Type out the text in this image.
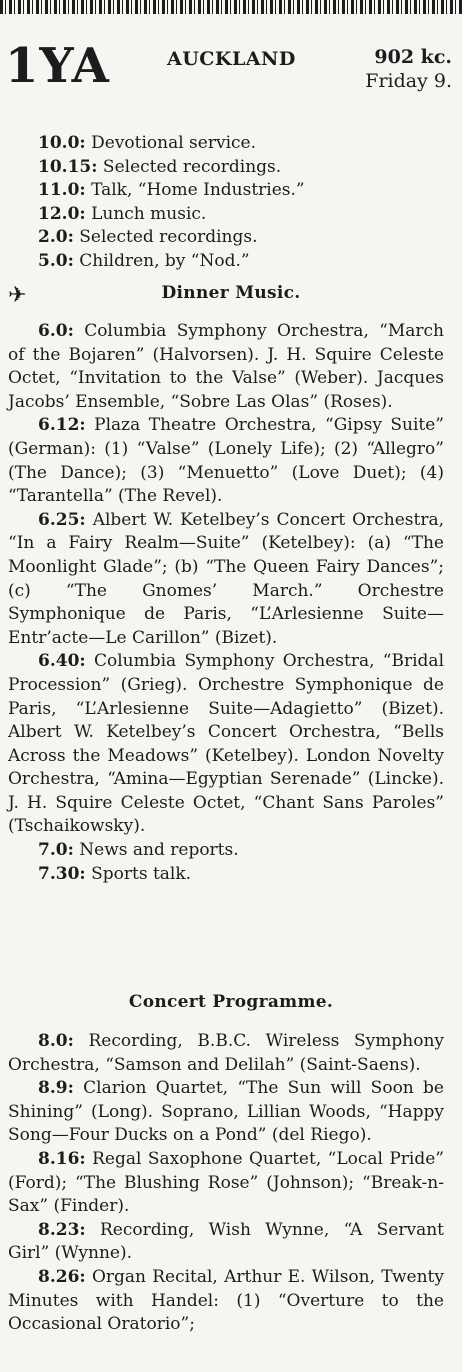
1YA	AUCKLAND	902 kc.
Friday 9.
10.0: Devotional service.
10.15: Selected recordings.
11.0: Talk, “Home Industries.”
12.0: Lunch music.
2.0: Selected recordings.
5.0: Children, by “Nod.”
✈	Dinner Music.
6.0: Columbia Symphony Orchestra, “March of the Bojaren” (Halvorsen). J. H. Squire Celeste Octet, “Invitation to the Valse” (Weber). Jacques Jacobs’ Ensemble, “Sobre Las Olas” (Roses).
6.12: Plaza Theatre Orchestra, “Gipsy Suite” (German): (1) “Valse” (Lonely Life); (2) “Allegro” (The Dance); (3) “Menuetto” (Love Duet); (4) “Tarantella” (The Revel).
6.25: Albert W. Ketelbey’s Concert Orchestra, “In a Fairy Realm—Suite” (Ketelbey): (a) “The Moonlight Glade”; (b) “The Queen Fairy Dances”; (c) “The Gnomes’ March.” Orchestre Symphonique de Paris, “L’Arlesienne Suite—Entr’acte—Le Carillon” (Bizet).
6.40: Columbia Symphony Orchestra, “Bridal Procession” (Grieg). Orchestre Symphonique de Paris, “L’Arlesienne Suite—Adagietto” (Bizet). Albert W. Ketelbey’s Concert Orchestra, “Bells Across the Meadows” (Ketelbey). London Novelty Orchestra, “Amina—Egyptian Serenade” (Lincke). J. H. Squire Celeste Octet, “Chant Sans Paroles” (Tschaikowsky).
7.0: News and reports.
7.30: Sports talk.
Concert Programme.
8.0: Recording, B.B.C. Wireless Symphony Orchestra, “Samson and Delilah” (Saint-Saens).
8.9: Clarion Quartet, “The Sun will Soon be Shining” (Long). Soprano, Lillian Woods, “Happy Song—Four Ducks on a Pond” (del Riego).
8.16: Regal Saxophone Quartet, “Local Pride” (Ford); “The Blushing Rose” (Johnson); “Break-n-Sax” (Finder).
8.23: Recording, Wish Wynne, “A Servant Girl” (Wynne).
8.26: Organ Recital, Arthur E. Wilson, Twenty Minutes with Handel: (1) “Overture to the Occasional Oratorio”;
